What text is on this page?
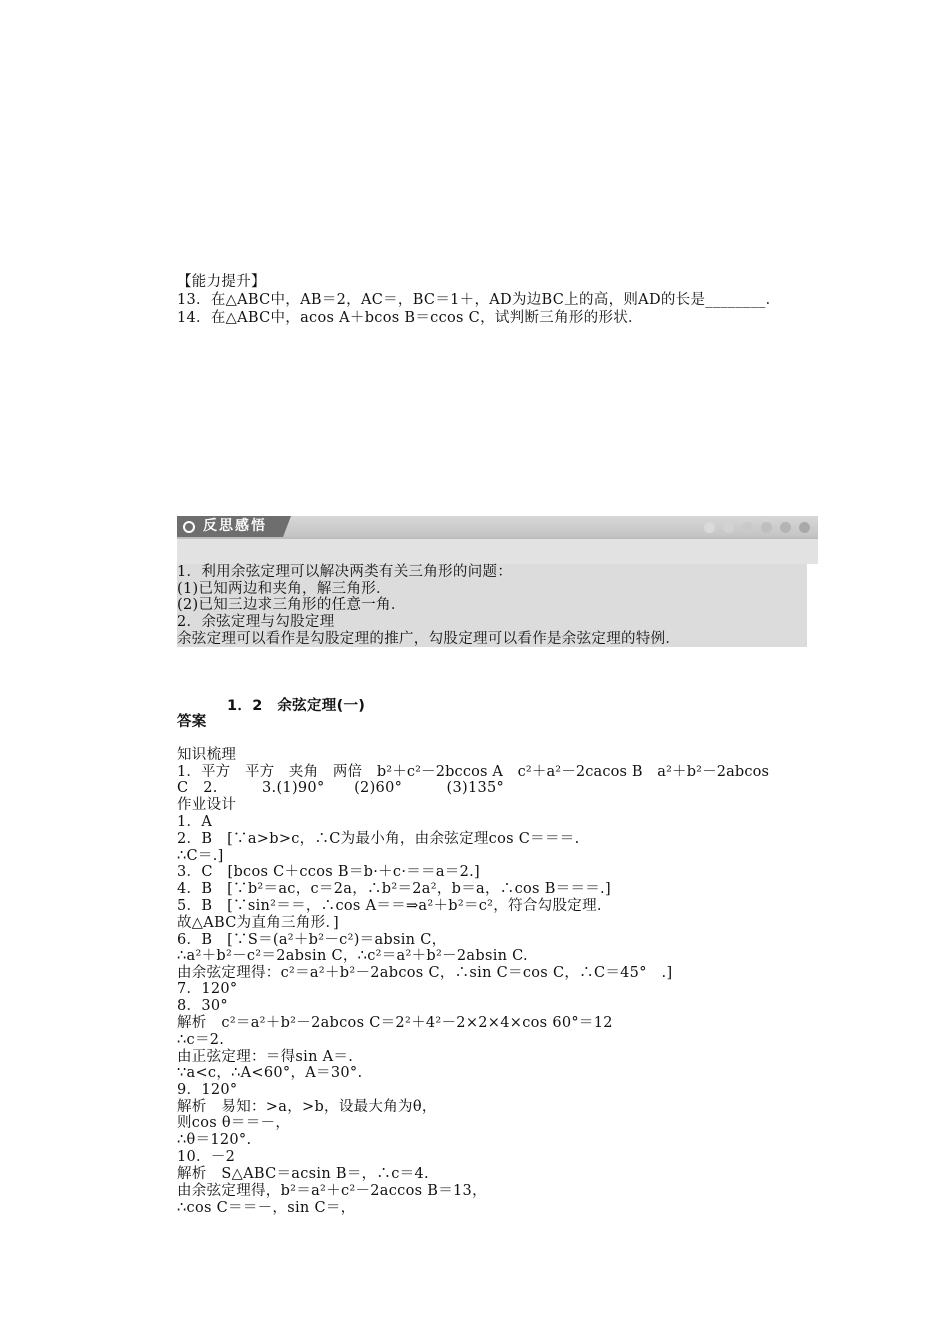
【能力提升】
13．在△ABC中，AB＝2，AC＝，BC＝1＋，AD为边BC上的高，则AD的长是________．
14．在△ABC中，acos A＋bcos B＝ccos C，试判断三角形的形状．
反思感悟
1．利用余弦定理可以解决两类有关三角形的问题：
(1)已知两边和夹角，解三角形．
(2)已知三边求三角形的任意一角．
2．余弦定理与勾股定理
余弦定理可以看作是勾股定理的推广，勾股定理可以看作是余弦定理的特例．
1．2　余弦定理(一)
答案
知识梳理
1．平方　平方　夹角　两倍　b²＋c²－2bccos A　c²＋a²－2cacos B　a²＋b²－2abcos
C　2.　　　3.(1)90°　　(2)60°　　　(3)135°
作业设计
1．A
2．B　[∵a>b>c，∴C为最小角，由余弦定理cos C＝＝＝.
∴C＝.]
3．C　[bcos C＋ccos B＝b·＋c·＝＝a＝2.]
4．B　[∵b²＝ac，c＝2a，∴b²＝2a²，b＝a，∴cos B＝＝＝.]
5．B　[∵sin²＝＝，∴cos A＝＝⇒a²＋b²＝c²，符合勾股定理.
故△ABC为直角三角形．]
6．B　[∵S＝(a²＋b²－c²)＝absin C，
∴a²＋b²－c²＝2absin C，∴c²＝a²＋b²－2absin C.
由余弦定理得：c²＝a²＋b²－2abcos C，∴sin C＝cos C，∴C＝45°　.]
7．120°
8．30°
解析　c²＝a²＋b²－2abcos C＝2²＋4²－2×2×4×cos 60°＝12
∴c＝2.
由正弦定理：＝得sin A＝.
∵a<c，∴A<60°，A＝30°.
9．120°
解析　易知：>a，>b，设最大角为θ，
则cos θ＝＝－，
∴θ＝120°.
10．－2
解析　S△ABC＝acsin B＝，∴c＝4.
由余弦定理得，b²＝a²＋c²－2accos B＝13，
∴cos C＝＝－，sin C＝，
